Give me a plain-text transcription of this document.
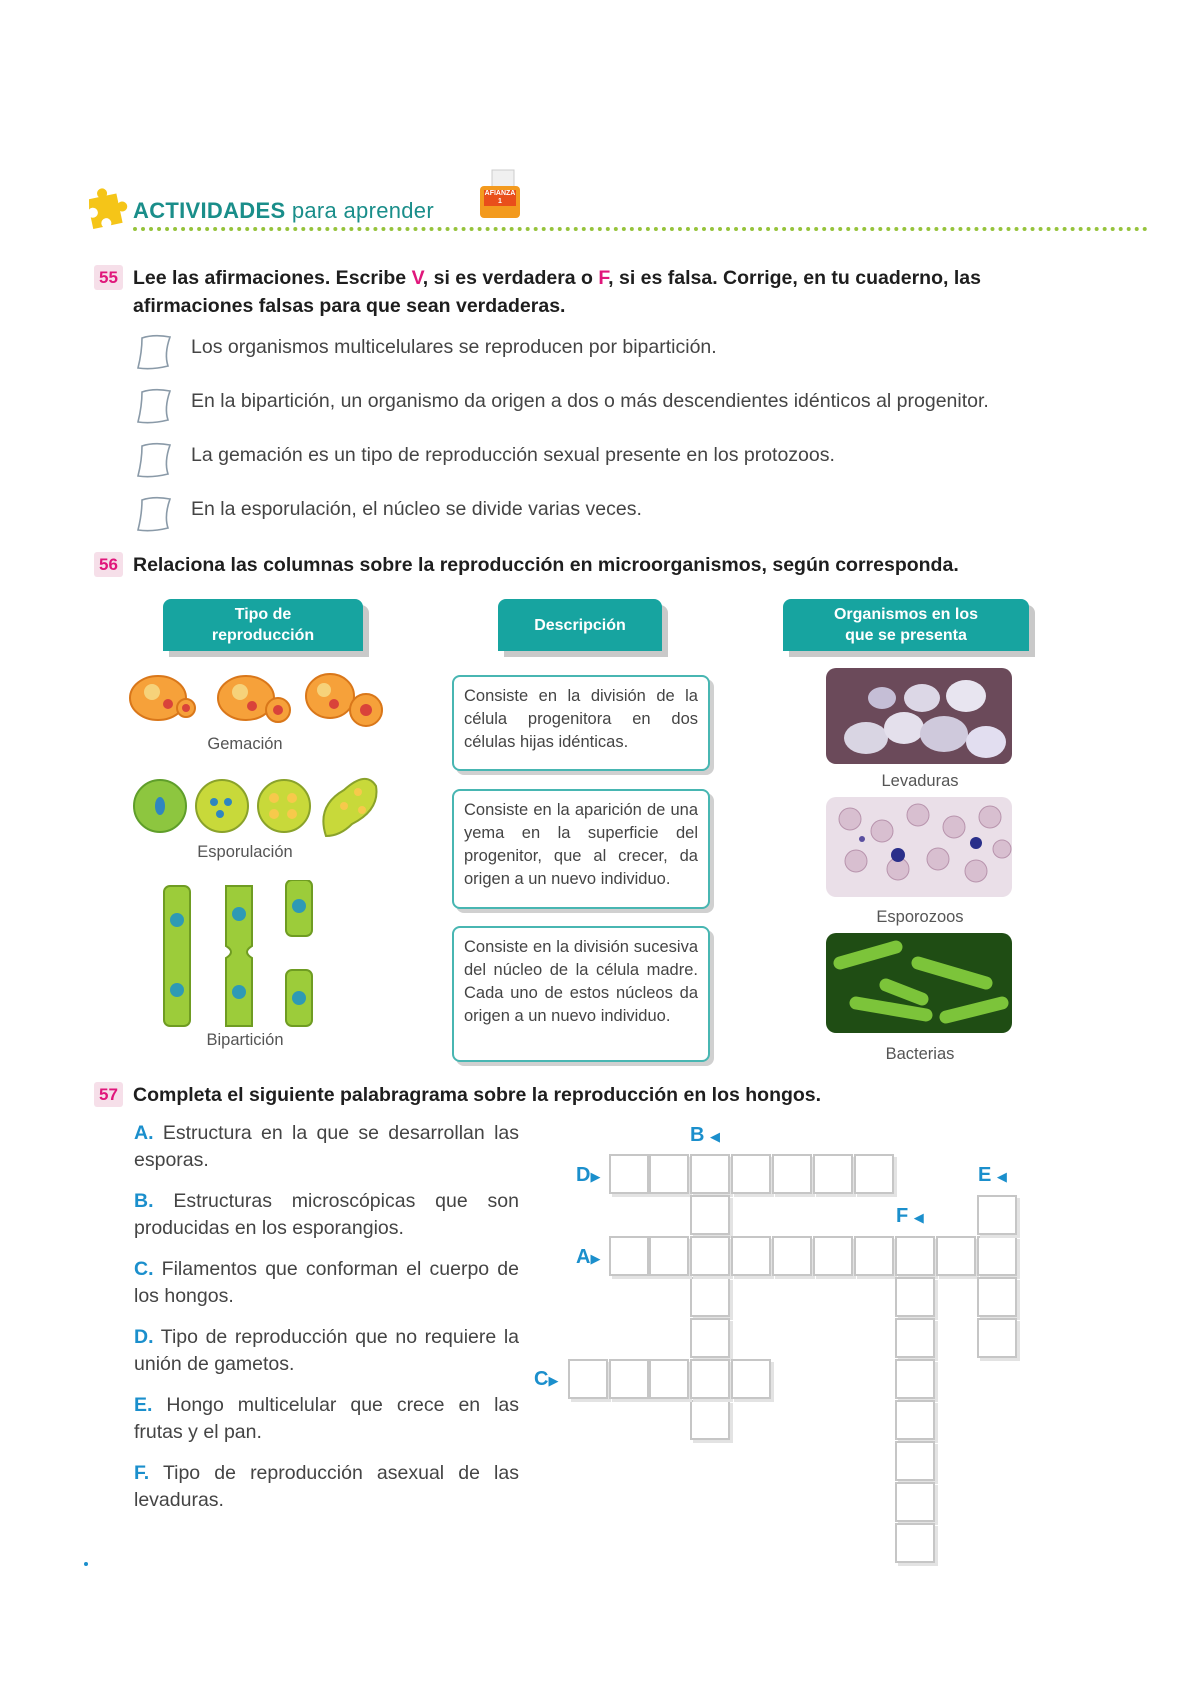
ACTIVIDADES para aprender
AFIANZA 1
55 Lee las afirmaciones. Escribe V, si es verdadera o F, si es falsa. Corrige, en tu cuaderno, las afirmaciones falsas para que sean verdaderas.
Los organismos multicelulares se reproducen por bipartición.
En la bipartición, un organismo da origen a dos o más descendientes idénticos al progenitor.
La gemación es un tipo de reproducción sexual presente en los protozoos.
En la esporulación, el núcleo se divide varias veces.
56 Relaciona las columnas sobre la reproducción en microorganismos, según corresponda.
Tipo de reproducción
Descripción
Organismos en los que se presenta
Gemación
Esporulación
Bipartición
Consiste en la división de la célula progenitora en dos células hijas idénticas.
Consiste en la aparición de una yema en la superficie del progenitor, que al crecer, da origen a un nuevo individuo.
Consiste en la división sucesiva del núcleo de la célula madre. Cada uno de estos núcleos da origen a un nuevo individuo.
Levaduras
Esporozoos
Bacterias
57 Completa el siguiente palabragrama sobre la reproducción en los hongos.
A. Estructura en la que se desarrollan las esporas.
B. Estructuras microscópicas que son producidas en los esporangios.
C. Filamentos que conforman el cuerpo de los hongos.
D. Tipo de reproducción que no requiere la unión de gametos.
E. Hongo multicelular que crece en las frutas y el pan.
F. Tipo de reproducción asexual de las levaduras.
B ◀
D▶	E ◀
F ◀
A▶
C▶
